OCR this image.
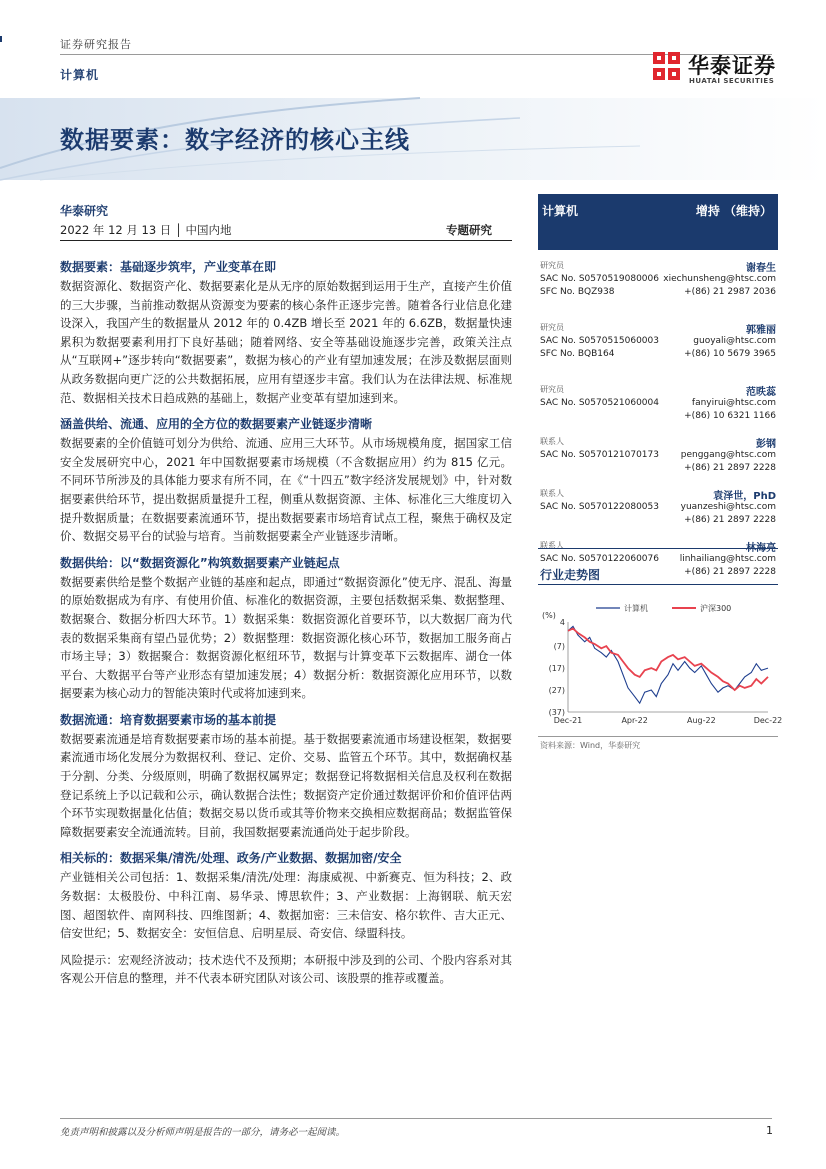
证券研究报告
计算机	华泰证券
HUATAI SECURITIES
数据要素：数字经济的核心主线
华泰研究
2022 年 12 月 13 日 │ 中国内地	专题研究
数据要素：基础逐步筑牢，产业变革在即
数据资源化、数据资产化、数据要素化是从无序的原始数据到运用于生产，直接产生价值的三大步骤，当前推动数据从资源变为要素的核心条件正逐步完善。随着各行业信息化建设深入，我国产生的数据量从 2012 年的 0.4ZB 增长至 2021 年的 6.6ZB，数据量快速累积为数据要素利用打下良好基础；随着网络、安全等基础设施逐步完善，政策关注点从“互联网+”逐步转向“数据要素”，数据为核心的产业有望加速发展；在涉及数据层面则从政务数据向更广泛的公共数据拓展，应用有望逐步丰富。我们认为在法律法规、标准规范、数据相关技术日趋成熟的基础上，数据产业变革有望加速到来。
涵盖供给、流通、应用的全方位的数据要素产业链逐步清晰
数据要素的全价值链可划分为供给、流通、应用三大环节。从市场规模角度，据国家工信安全发展研究中心，2021 年中国数据要素市场规模（不含数据应用）约为 815 亿元。不同环节所涉及的具体能力要求有所不同，在《“十四五”数字经济发展规划》中，针对数据要素供给环节，提出数据质量提升工程，侧重从数据资源、主体、标准化三大维度切入提升数据质量；在数据要素流通环节，提出数据要素市场培育试点工程，聚焦于确权及定价、数据交易平台的试验与培育。当前数据要素全产业链逐步清晰。
数据供给：以“数据资源化”构筑数据要素产业链起点
数据要素供给是整个数据产业链的基座和起点，即通过“数据资源化”使无序、混乱、海量的原始数据成为有序、有使用价值、标准化的数据资源，主要包括数据采集、数据整理、数据聚合、数据分析四大环节。1）数据采集：数据资源化首要环节，以大数据厂商为代表的数据采集商有望凸显优势；2）数据整理：数据资源化核心环节，数据加工服务商占市场主导；3）数据聚合：数据资源化枢纽环节，数据与计算变革下云数据库、湖仓一体平台、大数据平台等产业形态有望加速发展；4）数据分析：数据资源化应用环节，以数据要素为核心动力的智能决策时代或将加速到来。
数据流通：培育数据要素市场的基本前提
数据要素流通是培育数据要素市场的基本前提。基于数据要素流通市场建设框架，数据要素流通市场化发展分为数据权利、登记、定价、交易、监管五个环节。其中，数据确权基于分割、分类、分级原则，明确了数据权属界定；数据登记将数据相关信息及权利在数据登记系统上予以记载和公示，确认数据合法性；数据资产定价通过数据评价和价值评估两个环节实现数据量化估值；数据交易以货币或其等价物来交换相应数据商品；数据监管保障数据要素安全流通流转。目前，我国数据要素流通尚处于起步阶段。
相关标的：数据采集/清洗/处理、政务/产业数据、数据加密/安全
产业链相关公司包括：1、数据采集/清洗/处理：海康威视、中新赛克、恒为科技；2、政务数据：太极股份、中科江南、易华录、博思软件；3、产业数据：上海钢联、航天宏图、超图软件、南网科技、四维图新；4、数据加密：三未信安、格尔软件、吉大正元、信安世纪；5、数据安全：安恒信息、启明星辰、奇安信、绿盟科技。
风险提示：宏观经济波动；技术迭代不及预期；本研报中涉及到的公司、个股内容系对其客观公开信息的整理，并不代表本研究团队对该公司、该股票的推荐或覆盖。
计算机	增持 （维持）
研究员	谢春生
SAC No. S0570519080006 xiechunsheng@htsc.com
SFC No. BQZ938	+(86) 21 2987 2036
研究员	郭雅丽
SAC No. S0570515060003	guoyali@htsc.com
SFC No. BQB164	+(86) 10 5679 3965
研究员	范昳蕊
SAC No. S0570521060004	fanyirui@htsc.com
+(86) 10 6321 1166
联系人	彭钢
SAC No. S0570121070173 penggang@htsc.com
+(86) 21 2897 2228
联系人	袁泽世，PhD
SAC No. S0570122080053 yuanzeshi@htsc.com
+(86) 21 2897 2228
联系人	林海亮
SAC No. S0570122060076 linhailiang@htsc.com
+(86) 21 2897 2228
行业走势图
(%)
4
(7)
(17)
(27)
(37)
Dec-21	Apr-22	Aug-22	Dec-22
计算机	沪深300
资料来源：Wind，华泰研究
免责声明和披露以及分析师声明是报告的一部分，请务必一起阅读。	1
